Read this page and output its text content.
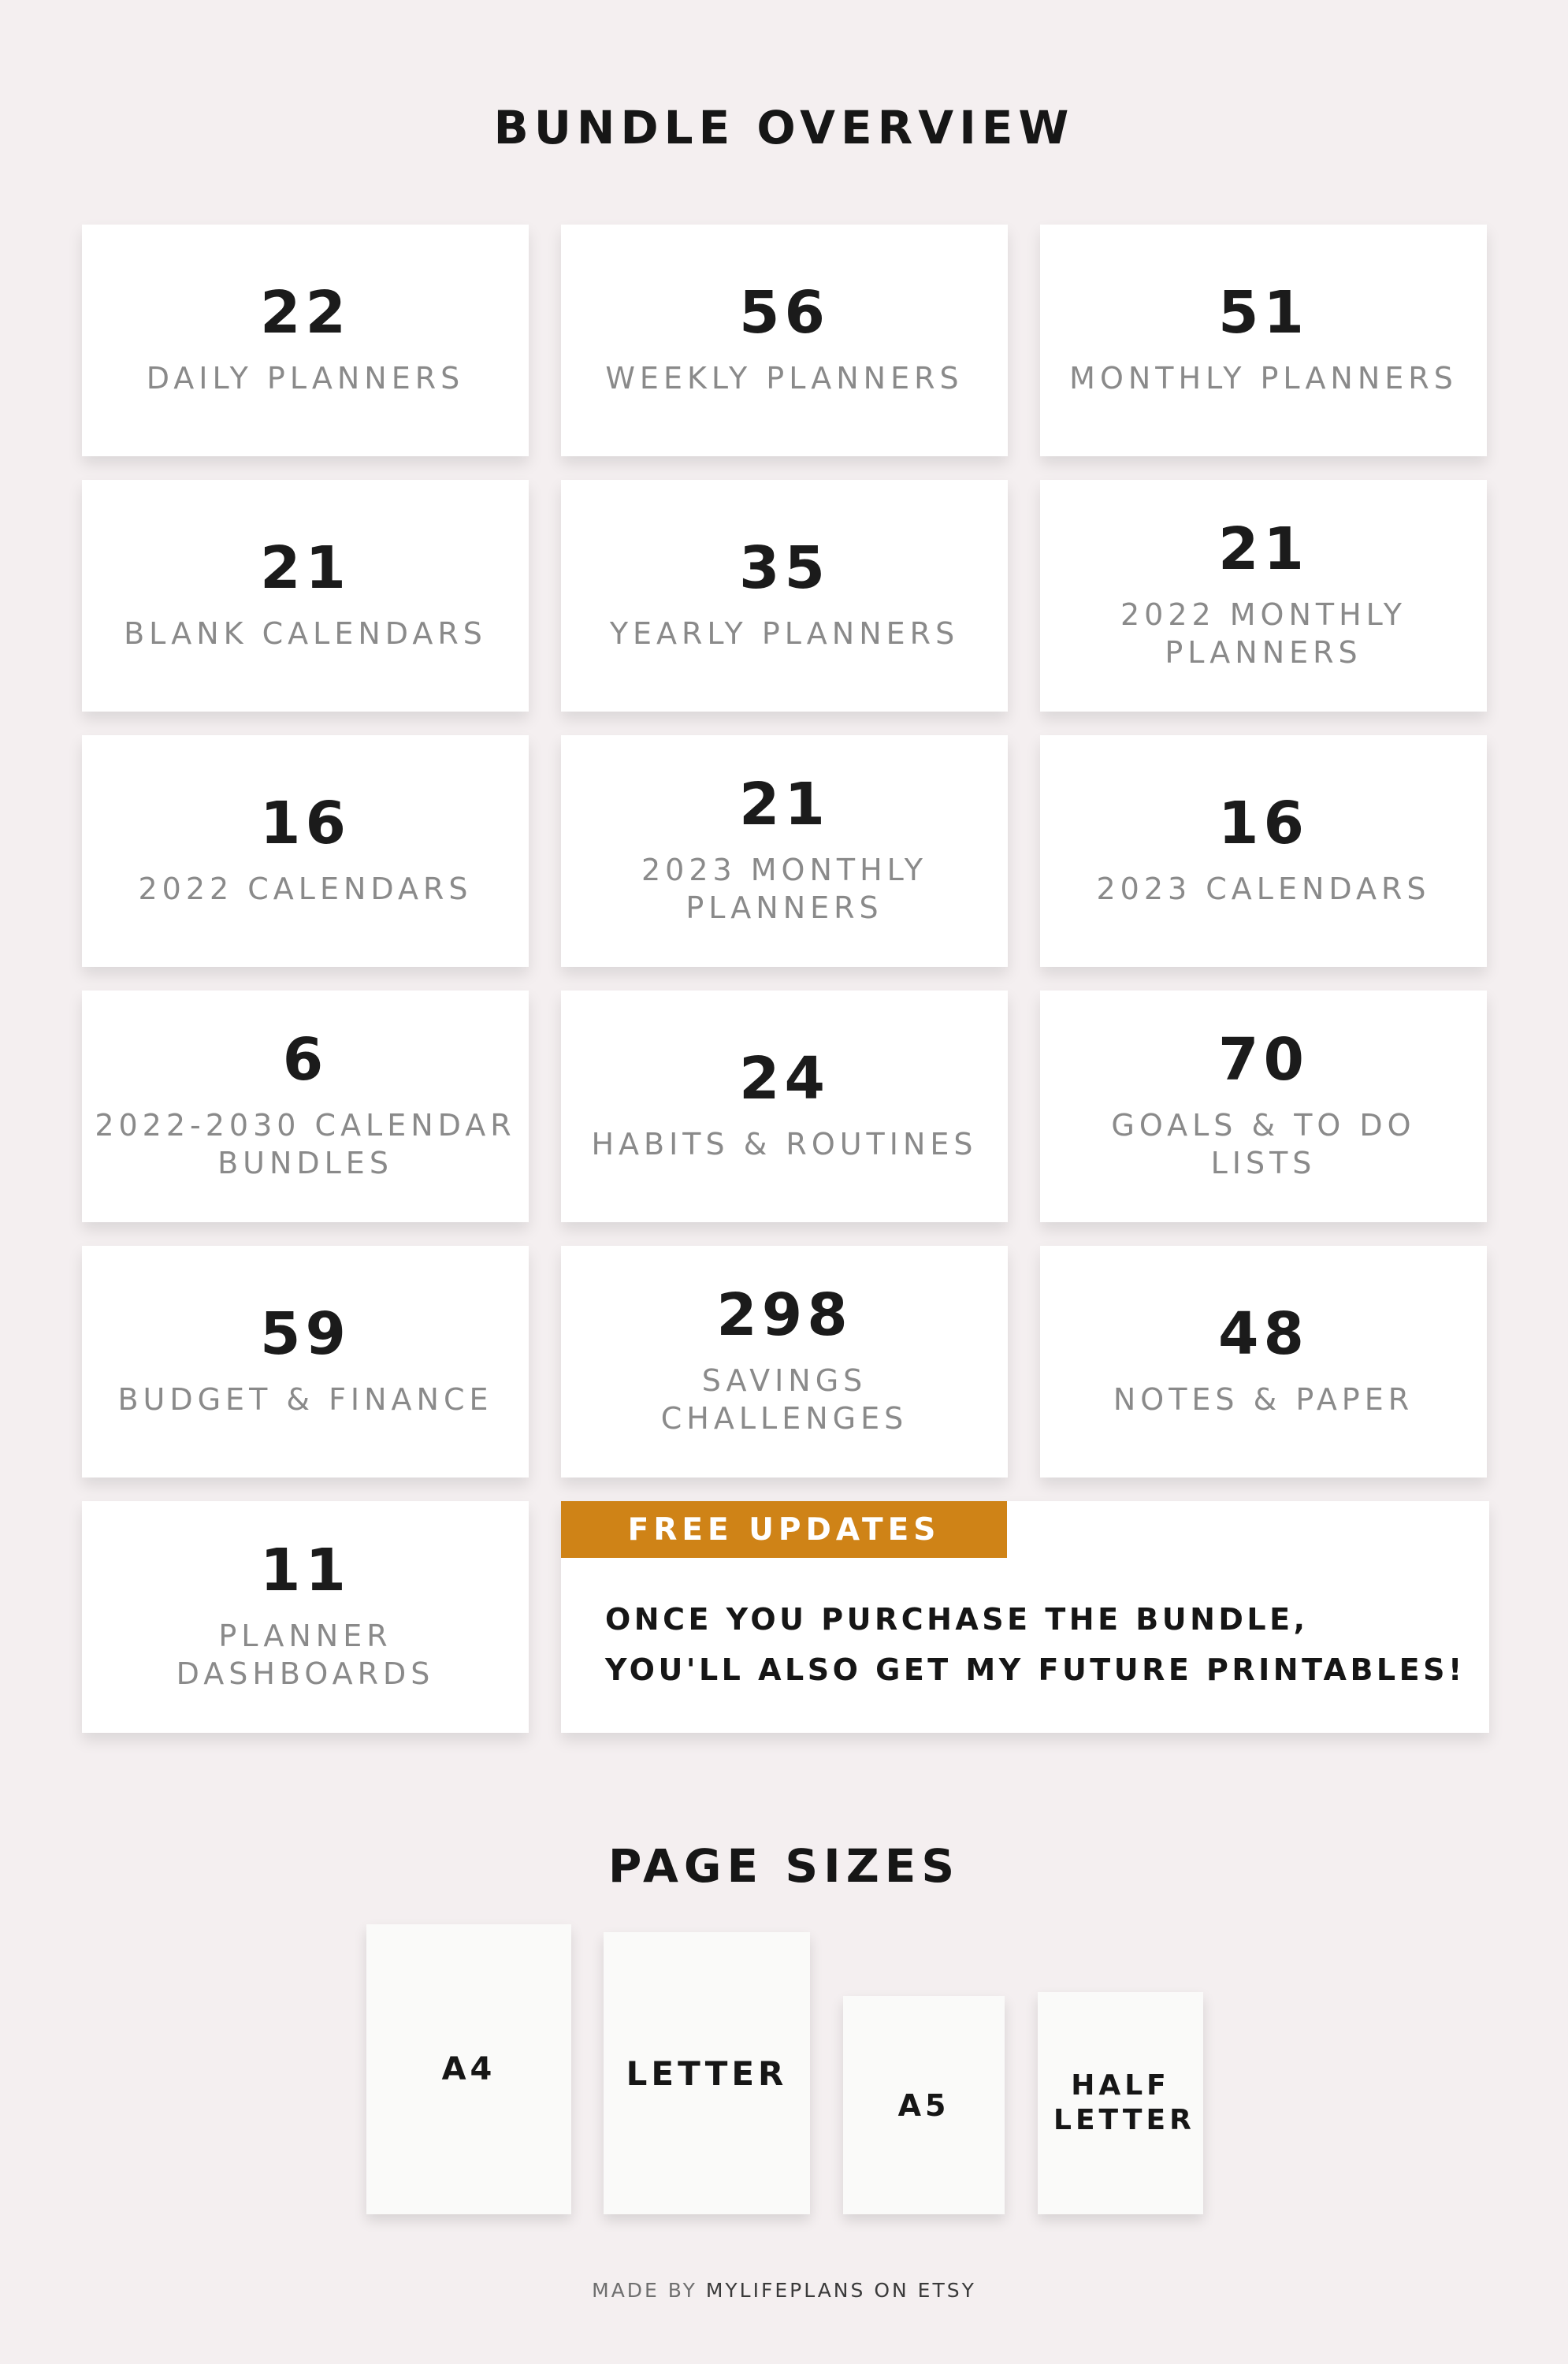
BUNDLE OVERVIEW
22
DAILY PLANNERS
56
WEEKLY PLANNERS
51
MONTHLY PLANNERS
21
BLANK CALENDARS
35
YEARLY PLANNERS
21
2022 MONTHLY PLANNERS
16
2022 CALENDARS
21
2023 MONTHLY PLANNERS
16
2023 CALENDARS
6
2022-2030 CALENDAR BUNDLES
24
HABITS & ROUTINES
70
GOALS & TO DO LISTS
59
BUDGET & FINANCE
298
SAVINGS CHALLENGES
48
NOTES & PAPER
11
PLANNER DASHBOARDS
FREE UPDATES
ONCE YOU PURCHASE THE BUNDLE,
YOU'LL ALSO GET MY FUTURE PRINTABLES!
PAGE SIZES
A4	LETTER
A5
HALF LETTER
MADE BY MYLIFEPLANS ON ETSY
